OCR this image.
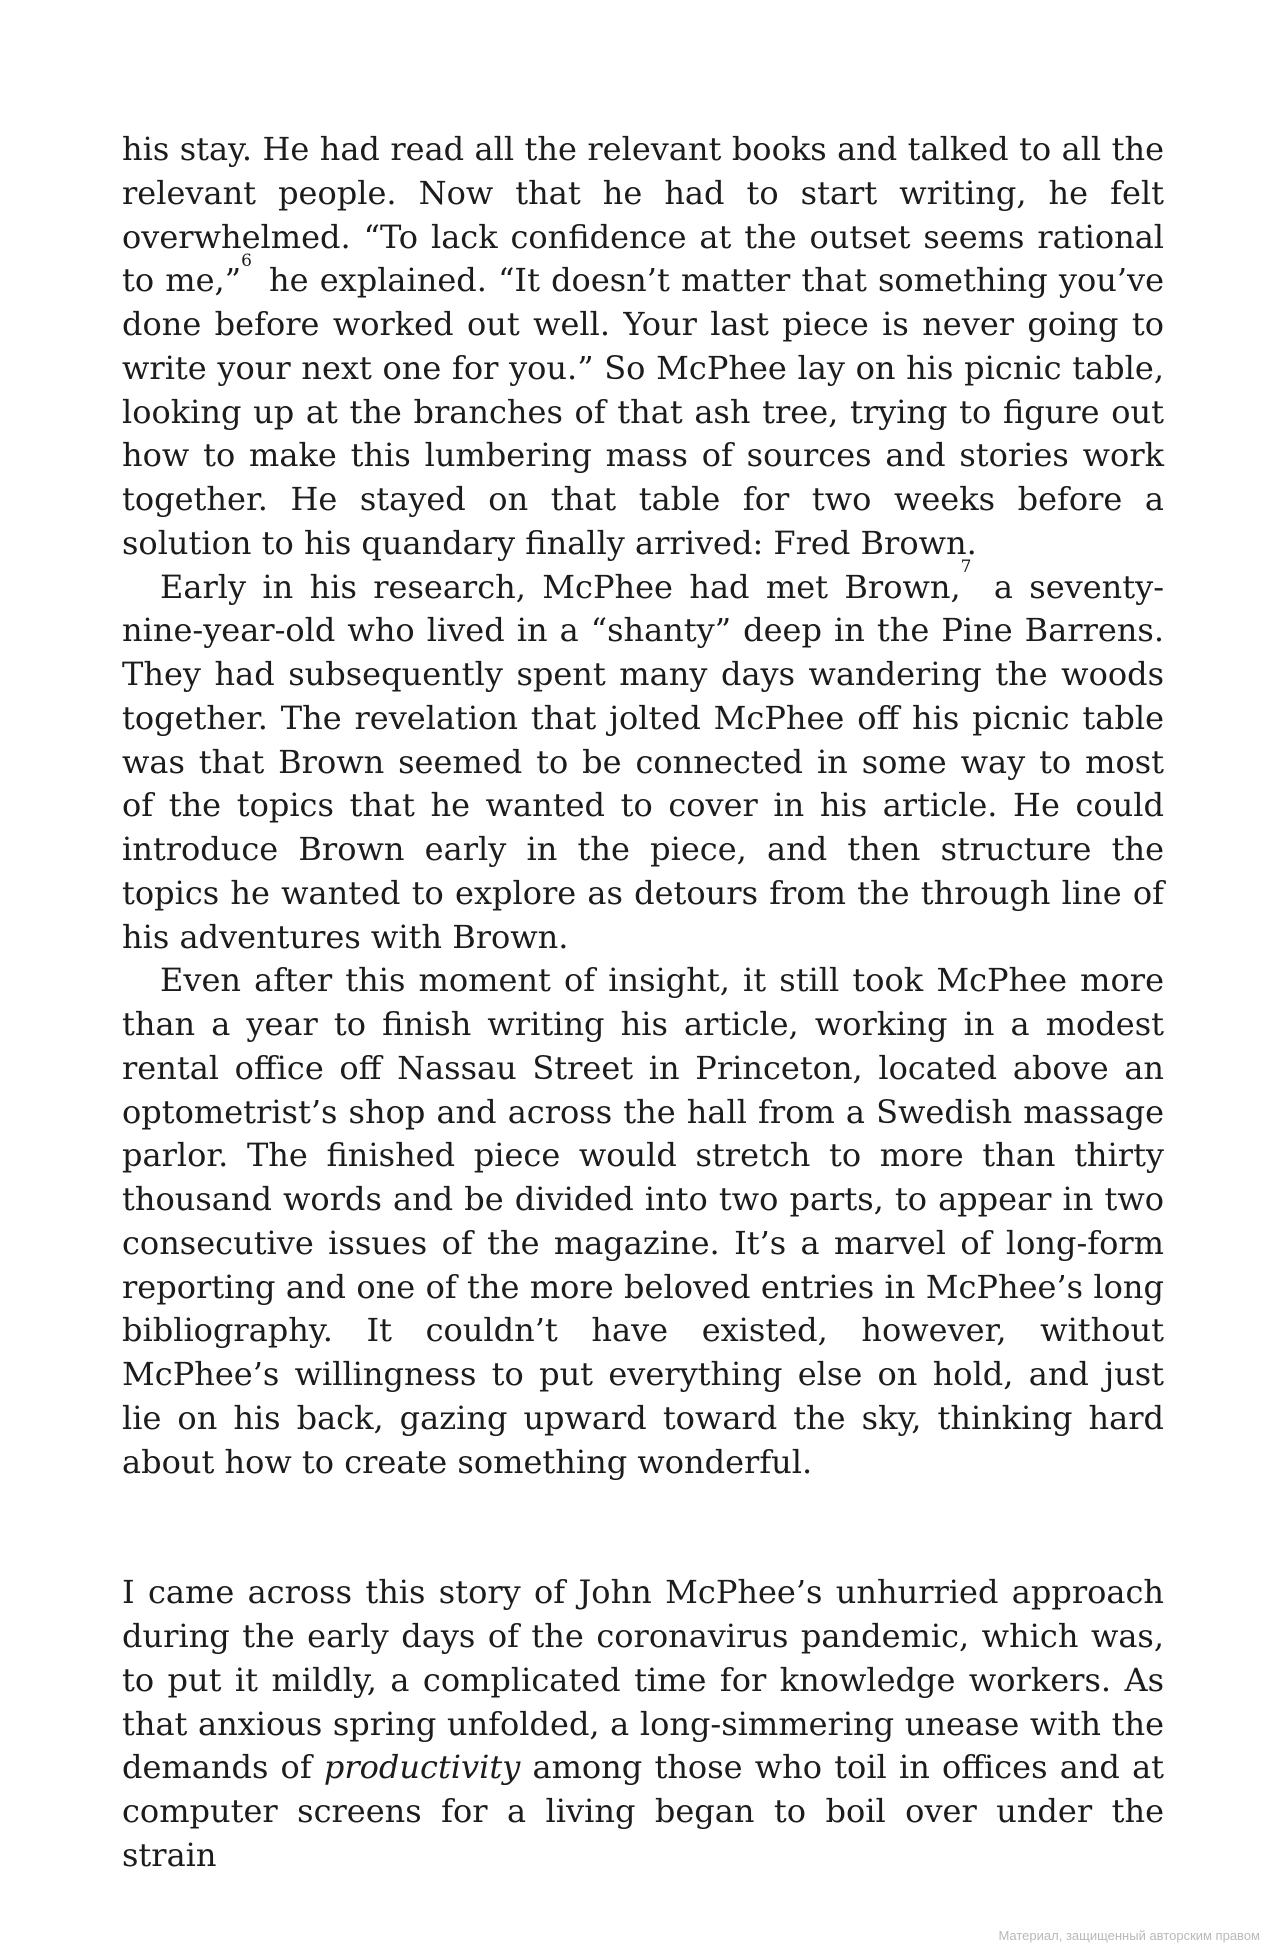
his stay. He had read all the relevant books and talked to all the relevant people. Now that he had to start writing, he felt overwhelmed. “To lack confidence at the outset seems rational to me,”$^6$ he explained. “It doesn’t matter that something you’ve done before worked out well. Your last piece is never going to write your next one for you.” So McPhee lay on his picnic table, looking up at the branches of that ash tree, trying to figure out how to make this lumbering mass of sources and stories work together. He stayed on that table for two weeks before a solution to his quandary finally arrived: Fred Brown.

Early in his research, McPhee had met Brown,$^7$ a seventy-nine-year-old who lived in a “shanty” deep in the Pine Barrens. They had subsequently spent many days wandering the woods together. The revelation that jolted McPhee off his picnic table was that Brown seemed to be connected in some way to most of the topics that he wanted to cover in his article. He could introduce Brown early in the piece, and then structure the topics he wanted to explore as detours from the through line of his adventures with Brown.

Even after this moment of insight, it still took McPhee more than a year to finish writing his article, working in a modest rental office off Nassau Street in Princeton, located above an optometrist’s shop and across the hall from a Swedish massage parlor. The finished piece would stretch to more than thirty thousand words and be divided into two parts, to appear in two consecutive issues of the magazine. It’s a marvel of long-form reporting and one of the more beloved entries in McPhee’s long bibliography. It couldn’t have existed, however, without McPhee’s willingness to put everything else on hold, and just lie on his back, gazing upward toward the sky, thinking hard about how to create something wonderful.

I came across this story of John McPhee’s unhurried approach during the early days of the coronavirus pandemic, which was, to put it mildly, a complicated time for knowledge workers. As that anxious spring unfolded, a long-simmering unease with the demands of productivity among those who toil in offices and at computer screens for a living began to boil over under the strain

Материал, защищенный авторским правом
